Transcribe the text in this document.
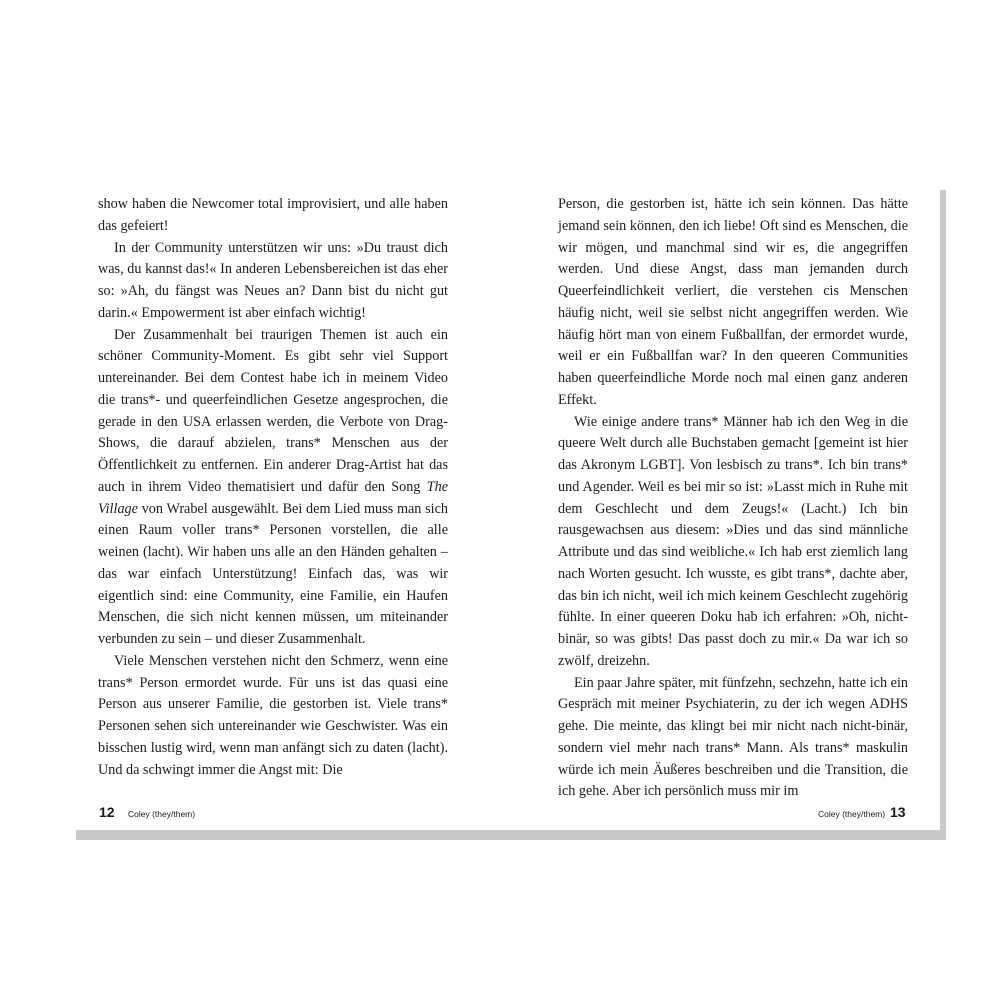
show haben die Newcomer total improvisiert, und alle haben das gefeiert!

In der Community unterstützen wir uns: »Du traust dich was, du kannst das!« In anderen Lebensbereichen ist das eher so: »Ah, du fängst was Neues an? Dann bist du nicht gut darin.« Empowerment ist aber einfach wichtig!

Der Zusammenhalt bei traurigen Themen ist auch ein schöner Community-Moment. Es gibt sehr viel Support untereinander. Bei dem Contest habe ich in meinem Video die trans*- und queerfeindlichen Gesetze angesprochen, die gerade in den USA erlassen werden, die Verbote von Drag-Shows, die darauf abzielen, trans* Menschen aus der Öffentlichkeit zu entfernen. Ein anderer Drag-Artist hat das auch in ihrem Video thematisiert und dafür den Song The Village von Wrabel ausgewählt. Bei dem Lied muss man sich einen Raum voller trans* Personen vorstellen, die alle weinen (lacht). Wir haben uns alle an den Händen gehalten – das war einfach Unterstützung! Einfach das, was wir eigentlich sind: eine Community, eine Familie, ein Haufen Menschen, die sich nicht kennen müssen, um miteinander verbunden zu sein – und dieser Zusammenhalt.

Viele Menschen verstehen nicht den Schmerz, wenn eine trans* Person ermordet wurde. Für uns ist das quasi eine Person aus unserer Familie, die gestorben ist. Viele trans* Personen sehen sich untereinander wie Geschwister. Was ein bisschen lustig wird, wenn man anfängt sich zu daten (lacht). Und da schwingt immer die Angst mit: Die

Person, die gestorben ist, hätte ich sein können. Das hätte jemand sein können, den ich liebe! Oft sind es Menschen, die wir mögen, und manchmal sind wir es, die angegriffen werden. Und diese Angst, dass man jemanden durch Queerfeindlichkeit verliert, die verstehen cis Menschen häufig nicht, weil sie selbst nicht angegriffen werden. Wie häufig hört man von einem Fußballfan, der ermordet wurde, weil er ein Fußballfan war? In den queeren Communities haben queerfeindliche Morde noch mal einen ganz anderen Effekt.

Wie einige andere trans* Männer hab ich den Weg in die queere Welt durch alle Buchstaben gemacht [gemeint ist hier das Akronym LGBT]. Von lesbisch zu trans*. Ich bin trans* und Agender. Weil es bei mir so ist: »Lasst mich in Ruhe mit dem Geschlecht und dem Zeugs!« (Lacht.) Ich bin rausgewachsen aus diesem: »Dies und das sind männliche Attribute und das sind weibliche.« Ich hab erst ziemlich lang nach Worten gesucht. Ich wusste, es gibt trans*, dachte aber, das bin ich nicht, weil ich mich keinem Geschlecht zugehörig fühlte. In einer queeren Doku hab ich erfahren: »Oh, nicht-binär, so was gibts! Das passt doch zu mir.« Da war ich so zwölf, dreizehn.

Ein paar Jahre später, mit fünfzehn, sechzehn, hatte ich ein Gespräch mit meiner Psychiaterin, zu der ich wegen ADHS gehe. Die meinte, das klingt bei mir nicht nach nicht-binär, sondern viel mehr nach trans* Mann. Als trans* maskulin würde ich mein Äußeres beschreiben und die Transition, die ich gehe. Aber ich persönlich muss mir im

12 Coley (they/them)	Coley (they/them) 13
